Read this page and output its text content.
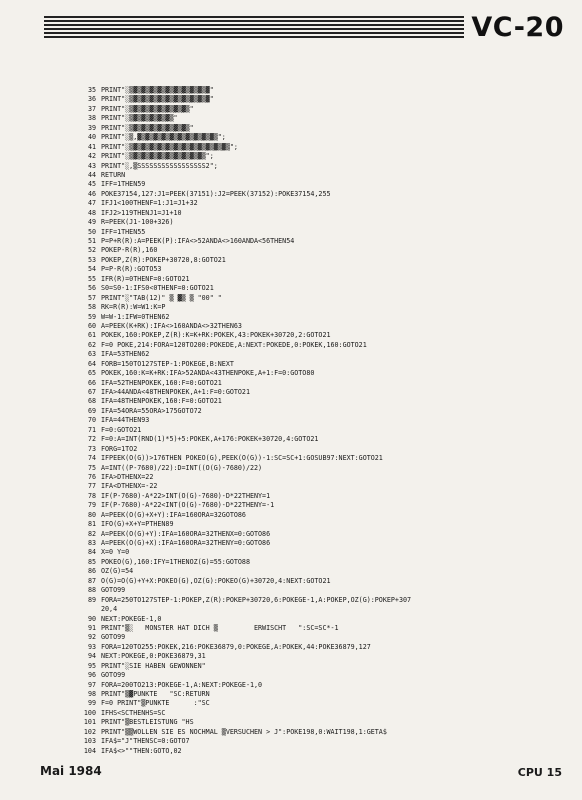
VC-20
35 PRINT"░▒▓▒▓▒▓▒▓▒▓▒▓▒▓▒▓▒▓▒▓"
36 PRINT"░▒▓▒▓▒▓▒▓▒▓▒▓▒▓▒▓▒▓▒▓"
37 PRINT"░▒▓▒▓▒▓▒▓▒▓▒▓▒▓▒"
38 PRINT"░▒▓▒▓▒▓▒▓▒▓▒"
39 PRINT"░▒▓▒▓▒▓▒▓▒▓▒▓▒▓▒"
40 PRINT"░▒,▓▒▓▒▓▒▓▒▓▒▓▒▓▒▓▒▓▒▓▒";
41 PRINT"░▒▓▒▓▒▓▒▓▒▓▒▓▒▓▒▓▒▓▒▓▒▓▒▓▒";
42 PRINT"░▒▓▒▓▒▓▒▓▒▓▒▓▒▓▒▓▒▓▒";
43 PRINT"░,▒SSSSSSSSSSSSSSSSS2";
44 RETURN
45 IFF=1THEN59
46 POKE37154,127:J1=PEEK(37151):J2=PEEK(37152):POKE37154,255
47 IFJ1<100THENF=1:J1=J1+32
48 IFJ2>119THENJ1=J1+10
49 R=PEEK(J1-100+326)
50 IFF=1THEN55
51 P=P+R(R):A=PEEK(P):IFA<>52ANDA<>160ANDA<56THEN54
52 POKEP-R(R),160
53 POKEP,Z(R):POKEP+30720,8:GOTO21
54 P=P-R(R):GOTO53
55 IFR(R)=0THENF=0:GOTO21
56 S0=S0-1:IFS0<0THENF=0:GOTO21
57 PRINT"░"TAB(12)" ▒ ▓▒ ▒ "00" "
58 RK=R(R):W=W1:K=P
59 W=W-1:IFW=0THEN62
60 A=PEEK(K+RK):IFA<>160ANDA<>32THEN63
61 POKEK,160:POKEP,Z(R):K=K+RK:POKEK,43:POKEK+30720,2:GOTO21
62 F=0 POKE,214:FORA=120TO200:POKEDE,A:NEXT:POKEDE,0:POKEK,160:GOTO21
63 IFA=53THEN62
64 FORB=150TO127STEP-1:POKEGE,B:NEXT
65 POKEK,160:K=K+RK:IFA>52ANDA<43THENPOKE,A+1:F=0:GOTO80
66 IFA=52THENPOKEK,160:F=0:GOTO21
67 IFA>44ANDA<48THENPOKEK,A+1:F=0:GOTO21
68 IFA=48THENPOKEK,160:F=0:GOTO21
69 IFA=54ORA=55ORA>175GOTO72
70 IFA=44THEN93
71 F=0:GOTO21
72 F=0:A=INT(RND(1)*5)+5:POKEK,A+176:POKEK+30720,4:GOTO21
73 FORG=1TO2
74 IFPEEK(O(G))>176THEN POKEO(G),PEEK(O(G))-1:SC=SC+1:GOSUB97:NEXT:GOTO21
75 A=INT((P-7680)/22):D=INT((O(G)-7680)/22)
76 IFA>DTHENX=22
77 IFA<DTHENX=-22
78 IF(P-7680)-A*22>INT(O(G)-7680)-D*22THENY=1
79 IF(P-7680)-A*22<INT(O(G)-7680)-D*22THENY=-1
80 A=PEEK(O(G)+X+Y):IFA=160ORA=32GOTO86
81 IFO(G)+X+Y=PTHEN89
82 A=PEEK(O(G)+Y):IFA=160ORA=32THENX=0:GOTO86
83 A=PEEK(O(G)+X):IFA=160ORA=32THENY=0:GOTO86
84 X=0 Y=0
85 POKEO(G),160:IFY=1THENOZ(G)=55:GOTO88
86 OZ(G)=54
87 O(G)=O(G)+Y+X:POKEO(G),OZ(G):POKEO(G)+30720,4:NEXT:GOTO21
88 GOTO99
89 FORA=250TO127STEP-1:POKEP,Z(R):POKEP+30720,6:POKEGE-1,A:POKEP,OZ(G):POKEP+307
20,4
90 NEXT:POKEGE-1,0
91 PRINT"▒░   MONSTER HAT DICH ▒         ERWISCHT   ":SC=SC*-1
92 GOTO99
93 FORA=120TO255:POKEK,216:POKE36879,0:POKEGE,A:POKEK,44:POKE36879,127
94 NEXT:POKEGE,0:POKE36879,31
95 PRINT"░SIE HABEN GEWONNEN"
96 GOTO99
97 FORA=200TO213:POKEGE-1,A:NEXT:POKEGE-1,0
98 PRINT"▒▓PUNKTE   "SC:RETURN
99 F=0 PRINT"▒PUNKTE      :"SC
100 IFHS<SCTHENHS=SC
101 PRINT"▒BESTLEISTUNG "HS
102 PRINT"▒▒WOLLEN SIE ES NOCHMAL ▒VERSUCHEN > J":POKE198,0:WAIT198,1:GETA$
103 IFA$="J"THENSC=0:GOTO7
104 IFA$<>""THEN:GOTO,02
Mai 1984	CPU 15
